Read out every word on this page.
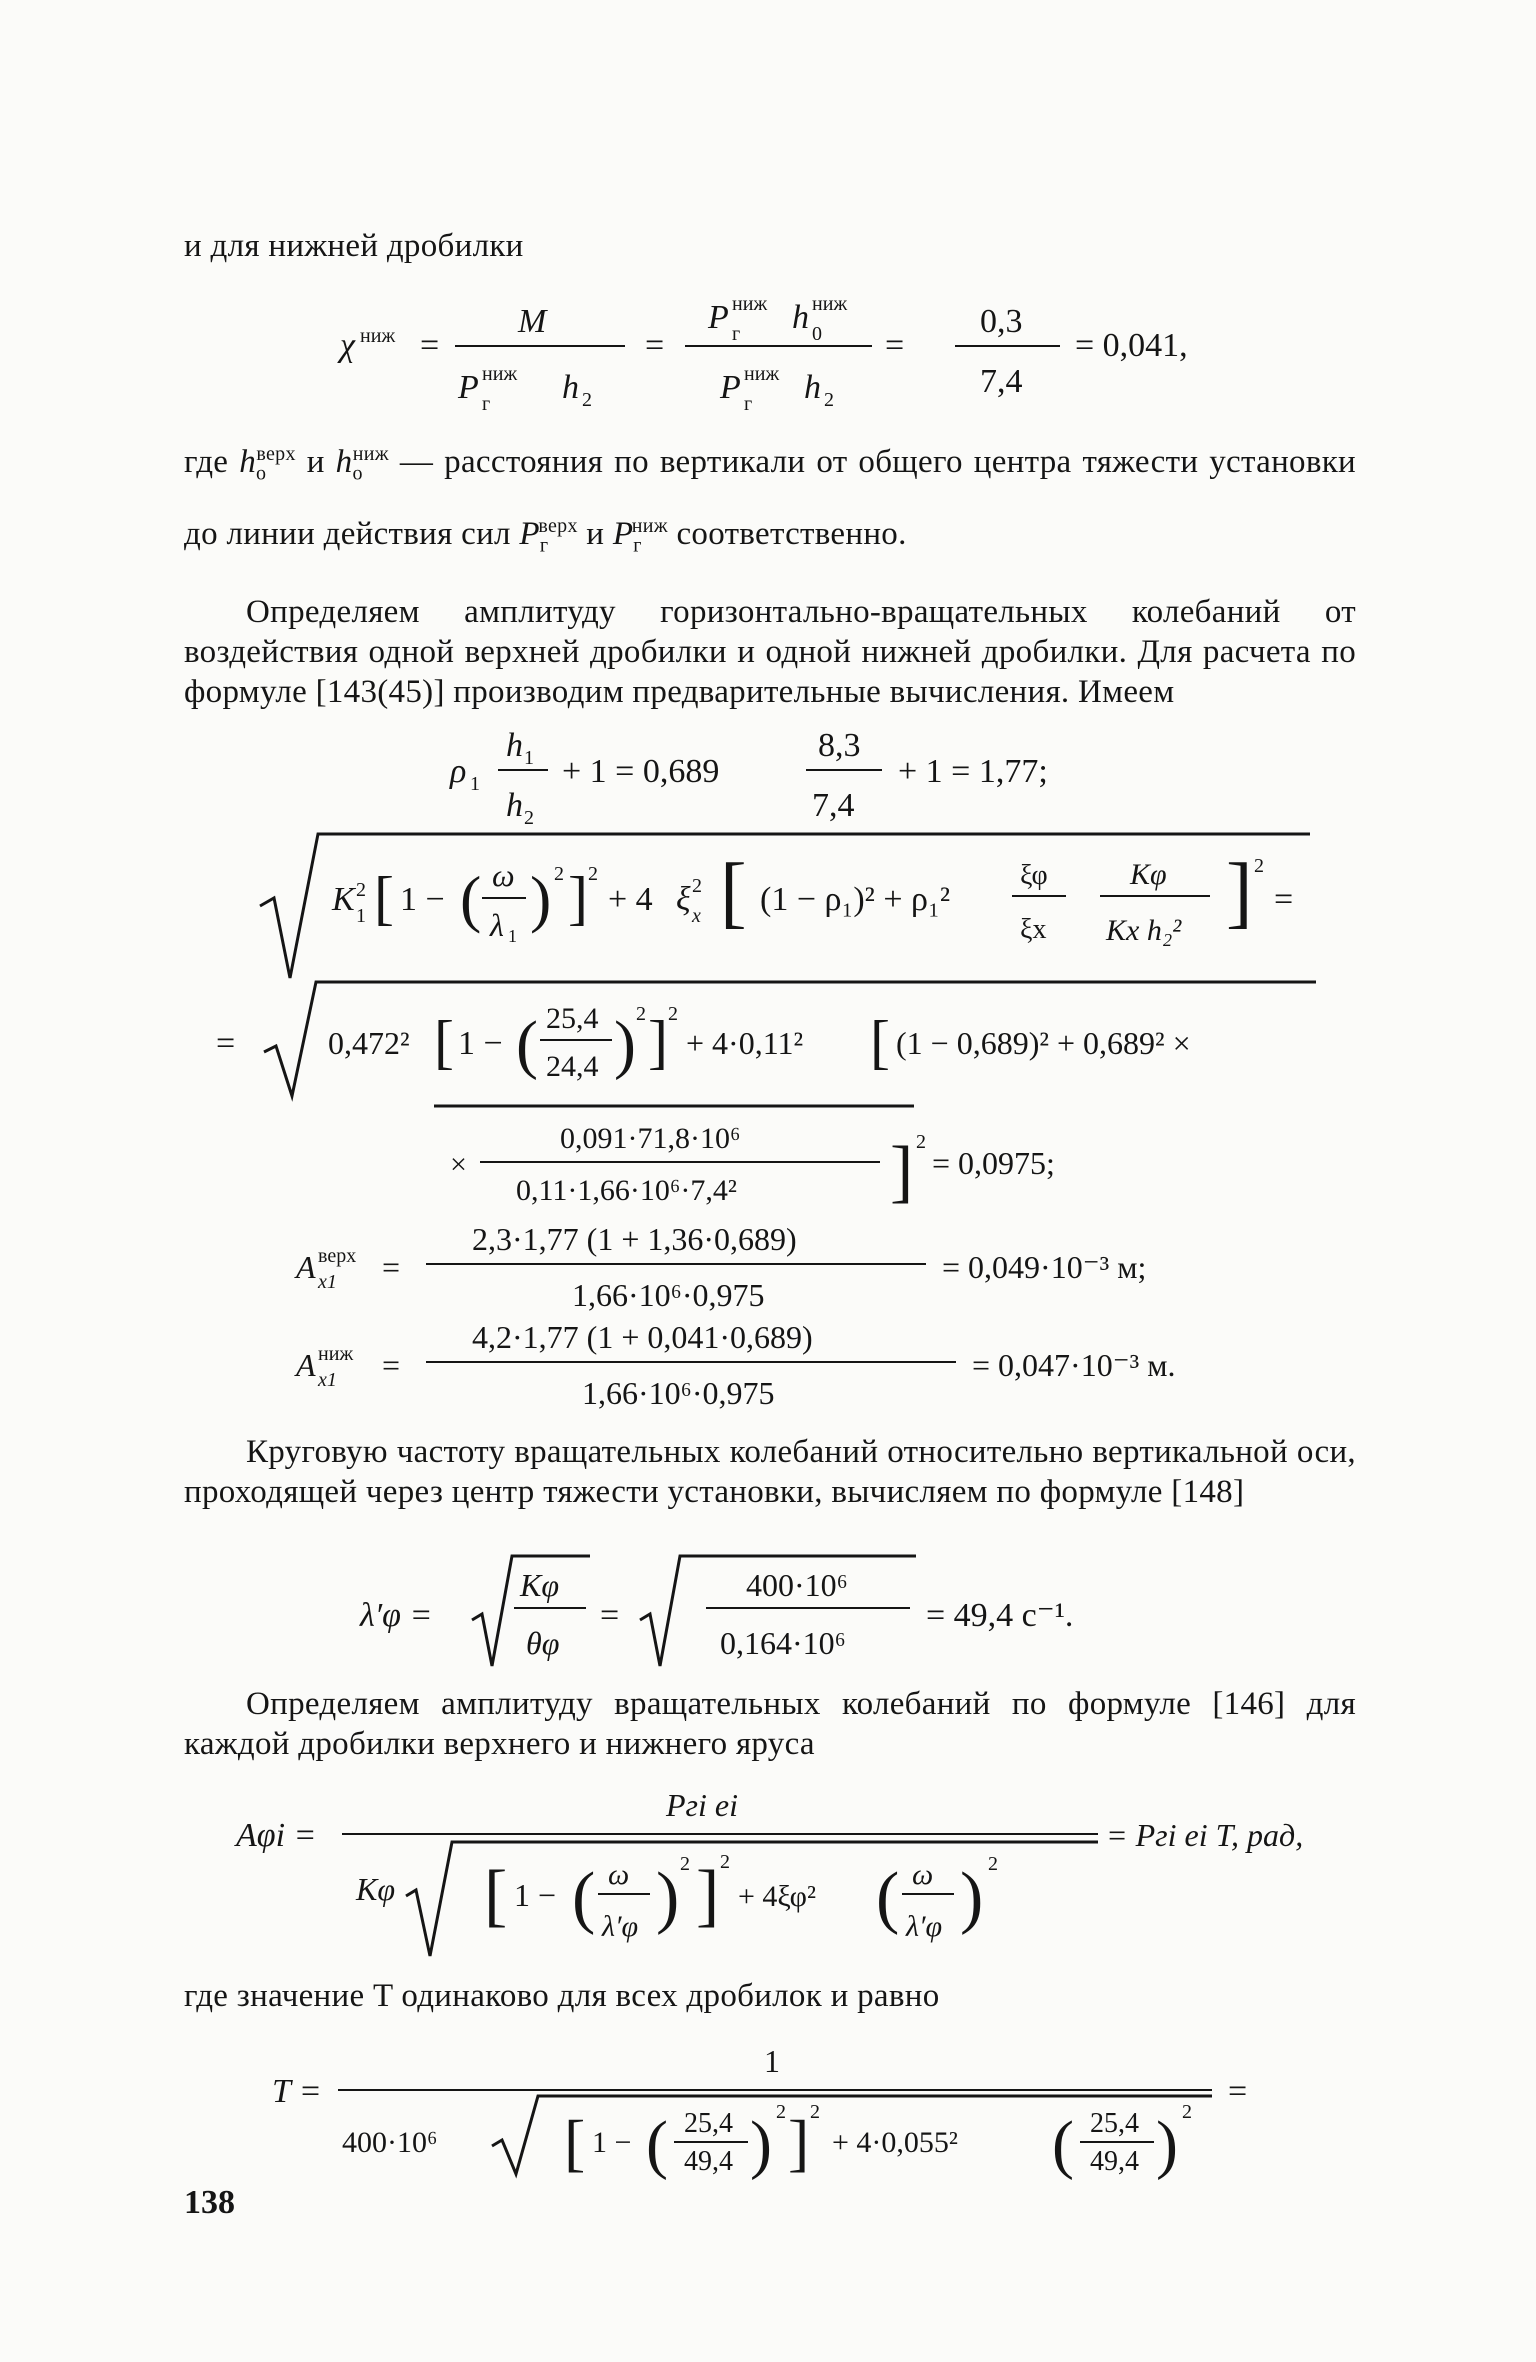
и для нижней дробилки
χ ниж =
M
P ниж
г h 2
=
P ниж
г h ниж
0
P ниж
г h 2
=
0,3
7,4
= 0,041,
где $h_о^{верх}$ и $h_о^{ниж}$ — расстояния по вертикали от общего центра тяжести установки до линии действия сил $P_г^{верх}$ и $P_г^{ниж}$ соответственно.
Определяем амплитуду горизонтально-вращательных колебаний от воздействия одной верхней дробилки и одной нижней дробилки. Для расчета по формуле [143(45)] производим предварительные вычисления. Имеем
ρ 1
h 1
h 2
+ 1 = 0,689
8,3
7,4
+ 1 = 1,77;
K 2
1 [ 1 − ( ω
λ 1
) 2 ] 2
+ 4 ξ 2
x [ (1 − ρ₁)² + ρ₁²
ξφ
ξx
Kφ
Kx h₂² ] 2
=
=	0,472² [ 1 − ( 25,4
24,4 ) 2 ] 2
+ 4·0,11² [ (1 − 0,689)² + 0,689² ×
×
0,091·71,8·10⁶
0,11·1,66·10⁶·7,4² ] 2
= 0,0975;
A верх
x1 =
2,3·1,77 (1 + 1,36·0,689)
1,66·10⁶·0,975
= 0,049·10⁻³ м;
A ниж
x1 =
4,2·1,77 (1 + 0,041·0,689)
1,66·10⁶·0,975
= 0,047·10⁻³ м.
Круговую частоту вращательных колебаний относительно вертикальной оси, проходящей через центр тяжести установки, вычисляем по формуле [148]
λ′φ =
Kφ
θφ
=
400·10⁶
0,164·10⁶
= 49,4 с⁻¹.
Определяем амплитуду вращательных колебаний по формуле [146] для каждой дробилки верхнего и нижнего яруса
Aφi =
Pгi ei
Kφ [ 1 − ( ω
λ′φ ) 2 ] 2
+ 4ξφ² ( ω
λ′φ ) 2
= Pгi ei T, рад,
где значение T одинаково для всех дробилок и равно
T =
1
400·10⁶ [ 1 − ( 25,4
49,4 ) 2 ] 2
+ 4·0,055² ( 25,4
49,4 ) 2
=
138
